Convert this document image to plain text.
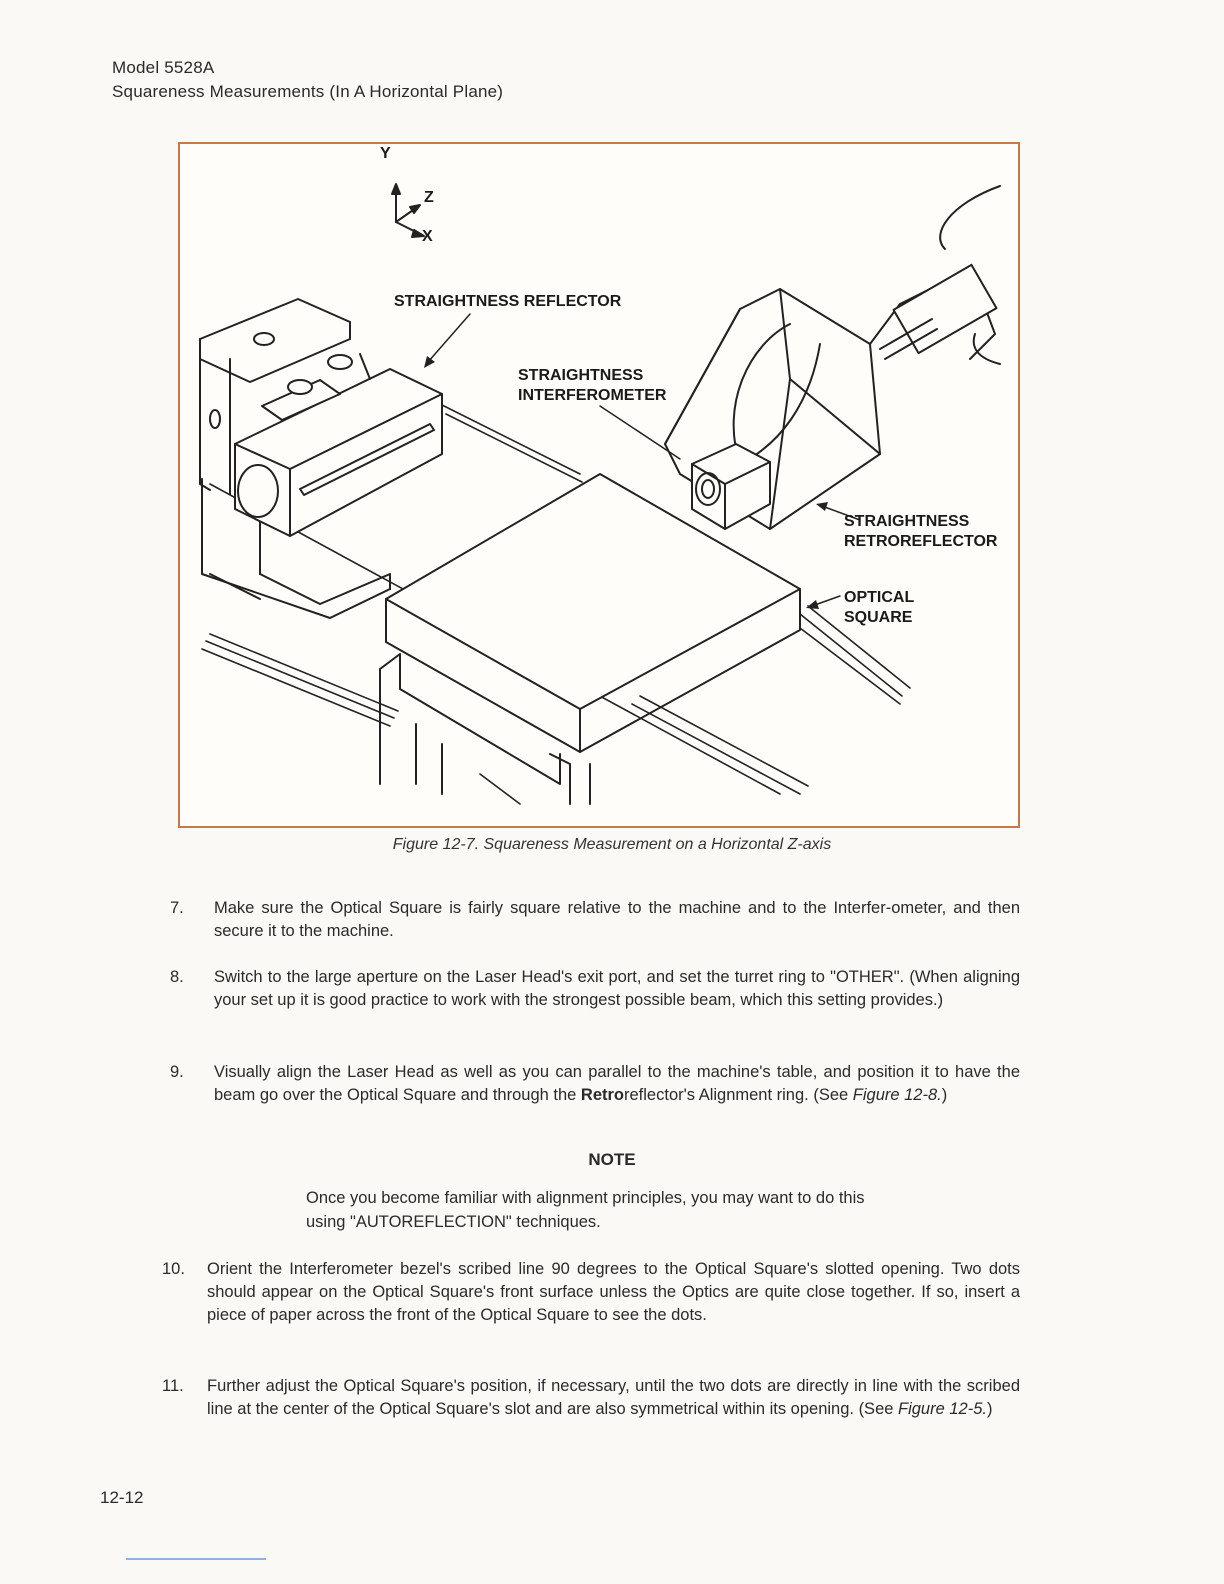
Model 5528A
Squareness Measurements (In A Horizontal Plane)
Y
Z
X
STRAIGHTNESS REFLECTOR
STRAIGHTNESS
INTERFEROMETER
STRAIGHTNESS
RETROREFLECTOR
OPTICAL
SQUARE
Figure 12-7. Squareness Measurement on a Horizontal Z-axis
7.	Make sure the Optical Square is fairly square relative to the machine and to the Interfer-ometer, and then secure it to the machine.
8.	Switch to the large aperture on the Laser Head's exit port, and set the turret ring to "OTHER". (When aligning your set up it is good practice to work with the strongest possible beam, which this setting provides.)
9.	Visually align the Laser Head as well as you can parallel to the machine's table, and position it to have the beam go over the Optical Square and through the Retroreflector's Alignment ring. (See Figure 12-8.)
NOTE
Once you become familiar with alignment principles, you may want to do this using "AUTOREFLECTION" techniques.
10.	Orient the Interferometer bezel's scribed line 90 degrees to the Optical Square's slotted opening. Two dots should appear on the Optical Square's front surface unless the Optics are quite close together. If so, insert a piece of paper across the front of the Optical Square to see the dots.
11.	Further adjust the Optical Square's position, if necessary, until the two dots are directly in line with the scribed line at the center of the Optical Square's slot and are also symmetrical within its opening. (See Figure 12-5.)
12-12
